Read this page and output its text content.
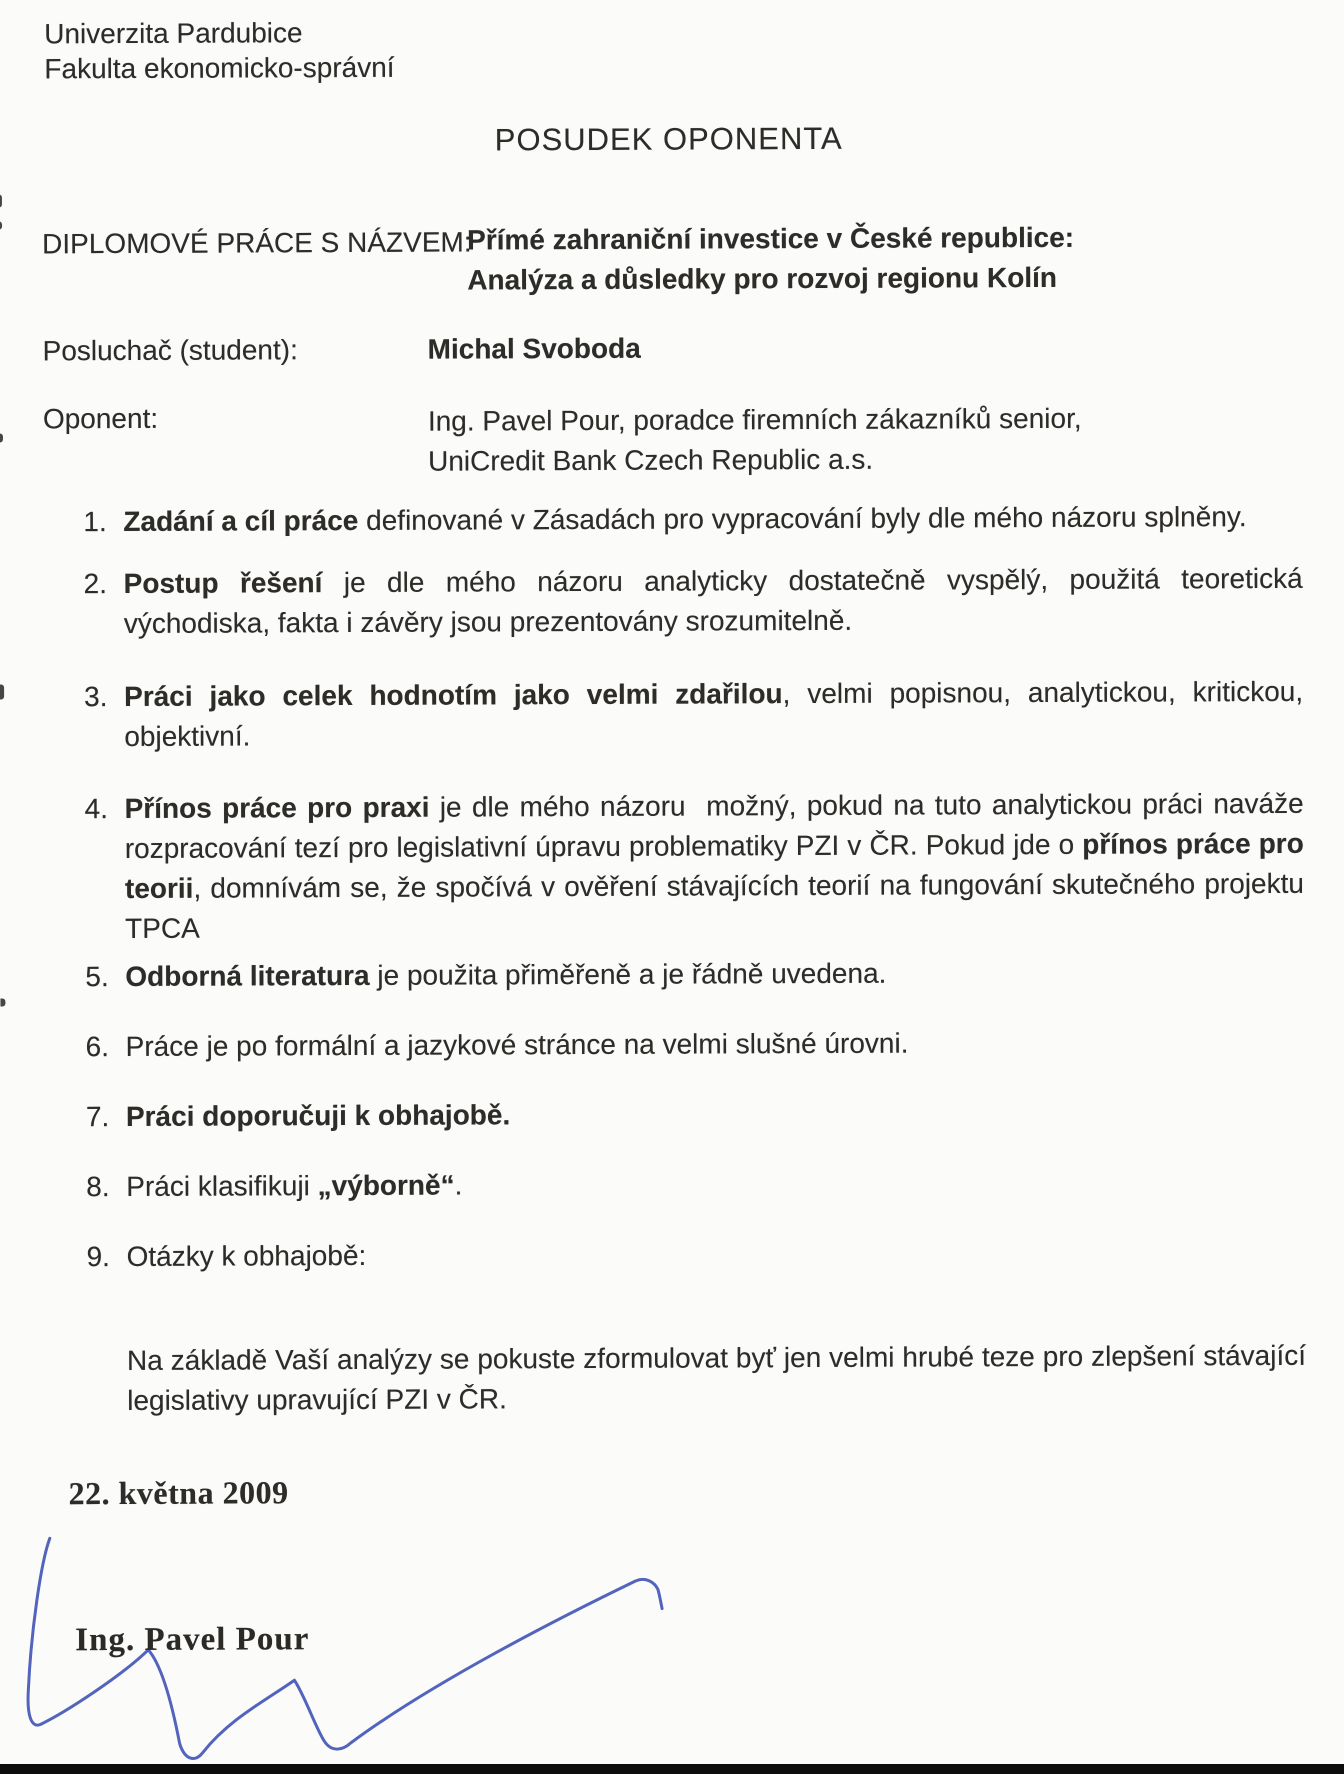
Univerzita Pardubice
Fakulta ekonomicko-správní
POSUDEK OPONENTA
DIPLOMOVÉ PRÁCE S NÁZVEM:
Přímé zahraniční investice v České republice:
Analýza a důsledky pro rozvoj regionu Kolín
Posluchač (student):	Michal Svoboda
Oponent:	Ing. Pavel Pour, poradce firemních zákazníků senior,
UniCredit Bank Czech Republic a.s.
1. Zadání a cíl práce definované v Zásadách pro vypracování byly dle mého názoru splněny.
2. Postup řešení je dle mého názoru analyticky dostatečně vyspělý, použitá teoretická východiska, fakta i závěry jsou prezentovány srozumitelně.
3. Práci jako celek hodnotím jako velmi zdařilou, velmi popisnou, analytickou, kritickou, objektivní.
4. Přínos práce pro praxi je dle mého názoru  možný, pokud na tuto analytickou práci naváže rozpracování tezí pro legislativní úpravu problematiky PZI v ČR. Pokud jde o přínos práce pro teorii, domnívám se, že spočívá v ověření stávajících teorií na fungování skutečného projektu TPCA
5. Odborná literatura je použita přiměřeně a je řádně uvedena.
6. Práce je po formální a jazykové stránce na velmi slušné úrovni.
7. Práci doporučuji k obhajobě.
8. Práci klasifikuji „výborně“.
9. Otázky k obhajobě:

Na základě Vaší analýzy se pokuste zformulovat byť jen velmi hrubé teze pro zlepšení stávající legislativy upravující PZI v ČR.

22. května 2009
Ing. Pavel Pour
